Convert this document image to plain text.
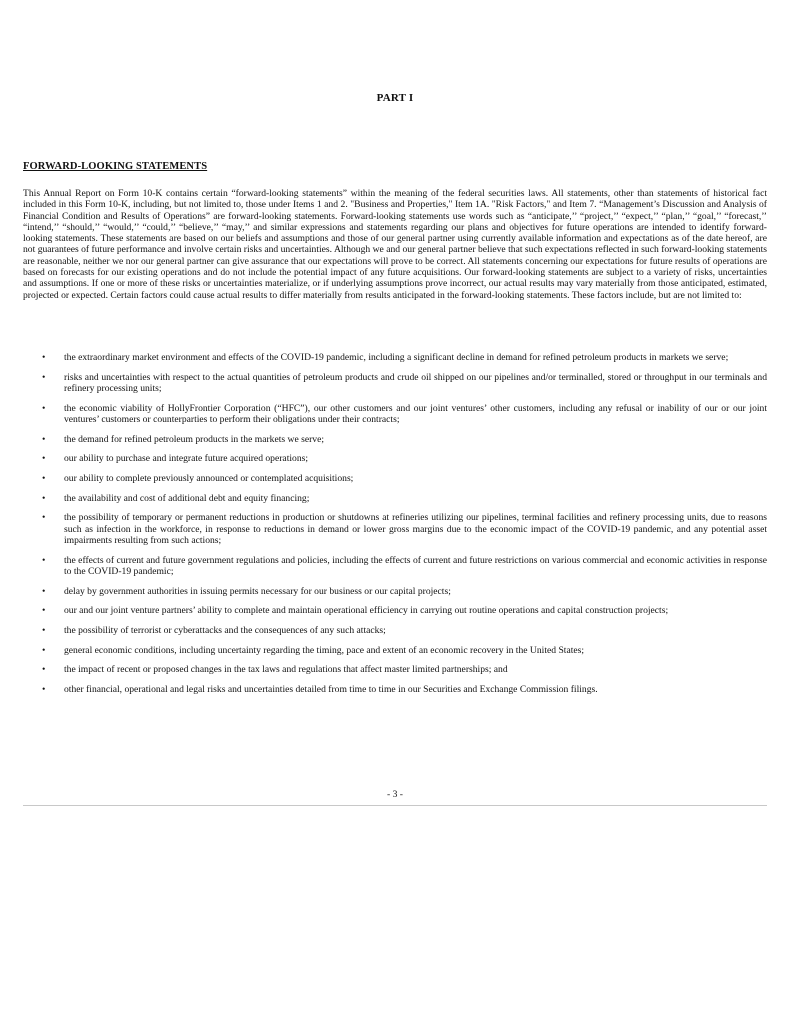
PART I
FORWARD-LOOKING STATEMENTS

This Annual Report on Form 10-K contains certain “forward-looking statements” within the meaning of the federal securities laws. All statements, other than statements of historical fact included in this Form 10-K, including, but not limited to, those under Items 1 and 2. "Business and Properties," Item 1A. "Risk Factors," and Item 7. “Management’s Discussion and Analysis of Financial Condition and Results of Operations” are forward-looking statements. Forward-looking statements use words such as “anticipate,’’ “project,’’ “expect,’’ “plan,’’ “goal,’’ “forecast,’’ “intend,’’ “should,’’ “would,’’ “could,’’ “believe,’’ “may,’’ and similar expressions and statements regarding our plans and objectives for future operations are intended to identify forward-looking statements. These statements are based on our beliefs and assumptions and those of our general partner using currently available information and expectations as of the date hereof, are not guarantees of future performance and involve certain risks and uncertainties. Although we and our general partner believe that such expectations reflected in such forward-looking statements are reasonable, neither we nor our general partner can give assurance that our expectations will prove to be correct. All statements concerning our expectations for future results of operations are based on forecasts for our existing operations and do not include the potential impact of any future acquisitions. Our forward-looking statements are subject to a variety of risks, uncertainties and assumptions. If one or more of these risks or uncertainties materialize, or if underlying assumptions prove incorrect, our actual results may vary materially from those anticipated, estimated, projected or expected. Certain factors could cause actual results to differ materially from results anticipated in the forward-looking statements. These factors include, but are not limited to:

• the extraordinary market environment and effects of the COVID-19 pandemic, including a significant decline in demand for refined petroleum products in markets we serve;
• risks and uncertainties with respect to the actual quantities of petroleum products and crude oil shipped on our pipelines and/or terminalled, stored or throughput in our terminals and refinery processing units;
• the economic viability of HollyFrontier Corporation (“HFC”), our other customers and our joint ventures’ other customers, including any refusal or inability of our or our joint ventures’ customers or counterparties to perform their obligations under their contracts;
• the demand for refined petroleum products in the markets we serve;
• our ability to purchase and integrate future acquired operations;
• our ability to complete previously announced or contemplated acquisitions;
• the availability and cost of additional debt and equity financing;
• the possibility of temporary or permanent reductions in production or shutdowns at refineries utilizing our pipelines, terminal facilities and refinery processing units, due to reasons such as infection in the workforce, in response to reductions in demand or lower gross margins due to the economic impact of the COVID-19 pandemic, and any potential asset impairments resulting from such actions;
• the effects of current and future government regulations and policies, including the effects of current and future restrictions on various commercial and economic activities in response to the COVID-19 pandemic;
• delay by government authorities in issuing permits necessary for our business or our capital projects;
• our and our joint venture partners’ ability to complete and maintain operational efficiency in carrying out routine operations and capital construction projects;
• the possibility of terrorist or cyberattacks and the consequences of any such attacks;
• general economic conditions, including uncertainty regarding the timing, pace and extent of an economic recovery in the United States;
• the impact of recent or proposed changes in the tax laws and regulations that affect master limited partnerships; and
• other financial, operational and legal risks and uncertainties detailed from time to time in our Securities and Exchange Commission filings.
- 3 -
